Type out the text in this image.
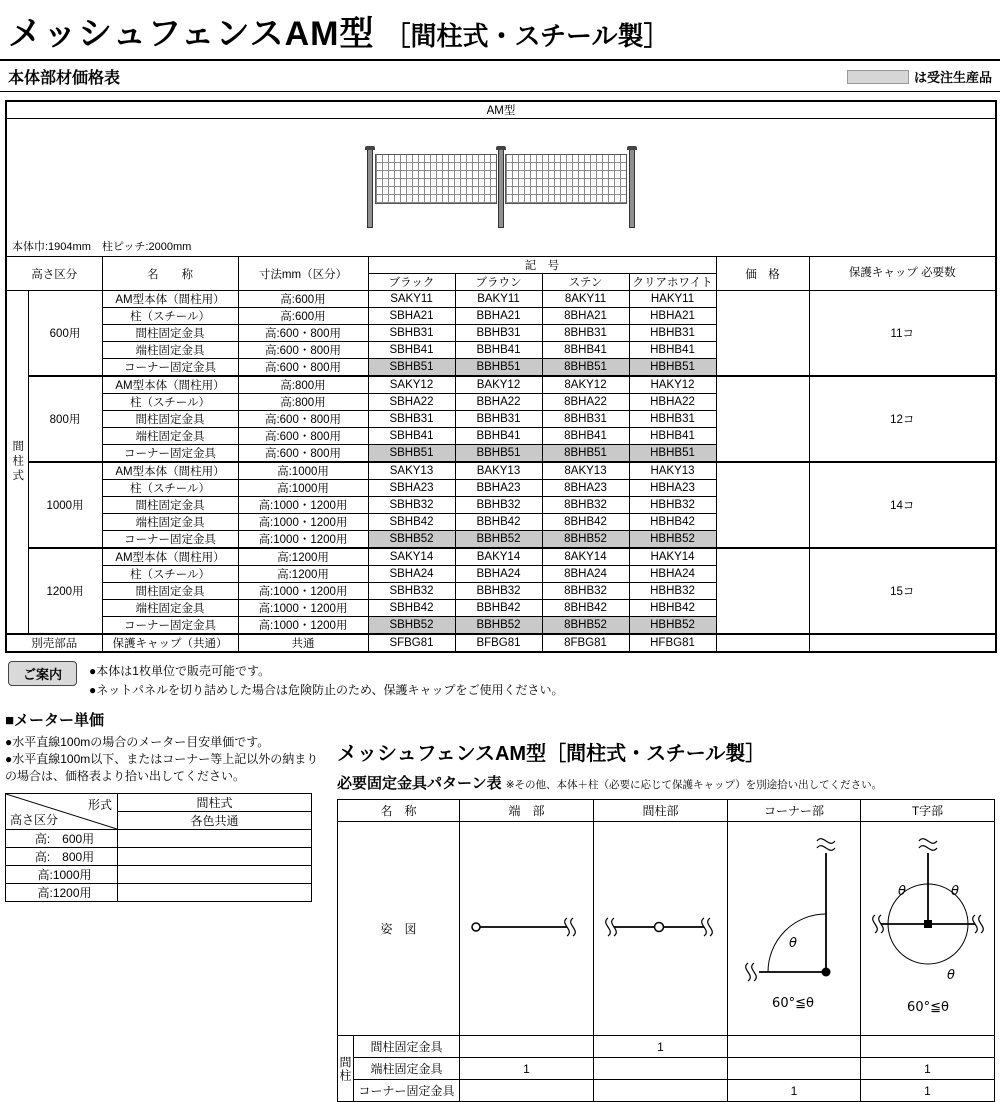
メッシュフェンスAM型 ［間柱式・スチール製］
本体部材価格表	は受注生産品
AM型									

本体巾:1904mm　柱ピッチ:2000mm									

高さ区分		名　　称	寸法mm（区分）	記　号				価　格	保護キャップ 必要数
				ブラック	ブラウン	ステン	クリアホワイト		
間柱式	600用	AM型本体（間柱用）	高:600用	SAKY11	BAKY11	8AKY11	HAKY11		11コ
		柱（スチール）	高:600用	SBHA21	BBHA21	8BHA21	HBHA21		
		間柱固定金具	高:600・800用	SBHB31	BBHB31	8BHB31	HBHB31		
		端柱固定金具	高:600・800用	SBHB41	BBHB41	8BHB41	HBHB41		
		コーナー固定金具	高:600・800用	SBHB51	BBHB51	8BHB51	HBHB51		
	800用	AM型本体（間柱用）	高:800用	SAKY12	BAKY12	8AKY12	HAKY12		12コ
		柱（スチール）	高:800用	SBHA22	BBHA22	8BHA22	HBHA22		
		間柱固定金具	高:600・800用	SBHB31	BBHB31	8BHB31	HBHB31		
		端柱固定金具	高:600・800用	SBHB41	BBHB41	8BHB41	HBHB41		
		コーナー固定金具	高:600・800用	SBHB51	BBHB51	8BHB51	HBHB51		
	1000用	AM型本体（間柱用）	高:1000用	SAKY13	BAKY13	8AKY13	HAKY13		14コ
		柱（スチール）	高:1000用	SBHA23	BBHA23	8BHA23	HBHA23		
		間柱固定金具	高:1000・1200用	SBHB32	BBHB32	8BHB32	HBHB32		
		端柱固定金具	高:1000・1200用	SBHB42	BBHB42	8BHB42	HBHB42		
		コーナー固定金具	高:1000・1200用	SBHB52	BBHB52	8BHB52	HBHB52		
	1200用	AM型本体（間柱用）	高:1200用	SAKY14	BAKY14	8AKY14	HAKY14		15コ
		柱（スチール）	高:1200用	SBHA24	BBHA24	8BHA24	HBHA24		
		間柱固定金具	高:1000・1200用	SBHB32	BBHB32	8BHB32	HBHB32		
		端柱固定金具	高:1000・1200用	SBHB42	BBHB42	8BHB42	HBHB42		
		コーナー固定金具	高:1000・1200用	SBHB52	BBHB52	8BHB52	HBHB52		
別売部品		保護キャップ（共通）	共通	SFBG81	BFBG81	8FBG81	HFBG81		
ご案内	●本体は1枚単位で販売可能です。
●ネットパネルを切り詰めした場合は危険防止のため、保護キャップをご使用ください。
■メーター単価
●水平直線100mの場合のメーター目安単価です。
●水平直線100m以下、またはコーナー等上記以外の納まりの場合は、価格表より拾い出してください。
形式
高さ区分	間柱式
	各色共通
高:　600用	
高:　800用	
高:1000用	
高:1200用	
メッシュフェンスAM型［間柱式・スチール製］
必要固定金具パターン表 ※その他、本体＋柱（必要に応じて保護キャップ）を別途拾い出してください。
名　称		端　部	間柱部	コーナー部	T字部
姿　図				θ
60°≦θ	θ θ
θ
60°≦θ

間柱	間柱固定金具		1		
	端柱固定金具	1			1
	コーナー固定金具			1	1
